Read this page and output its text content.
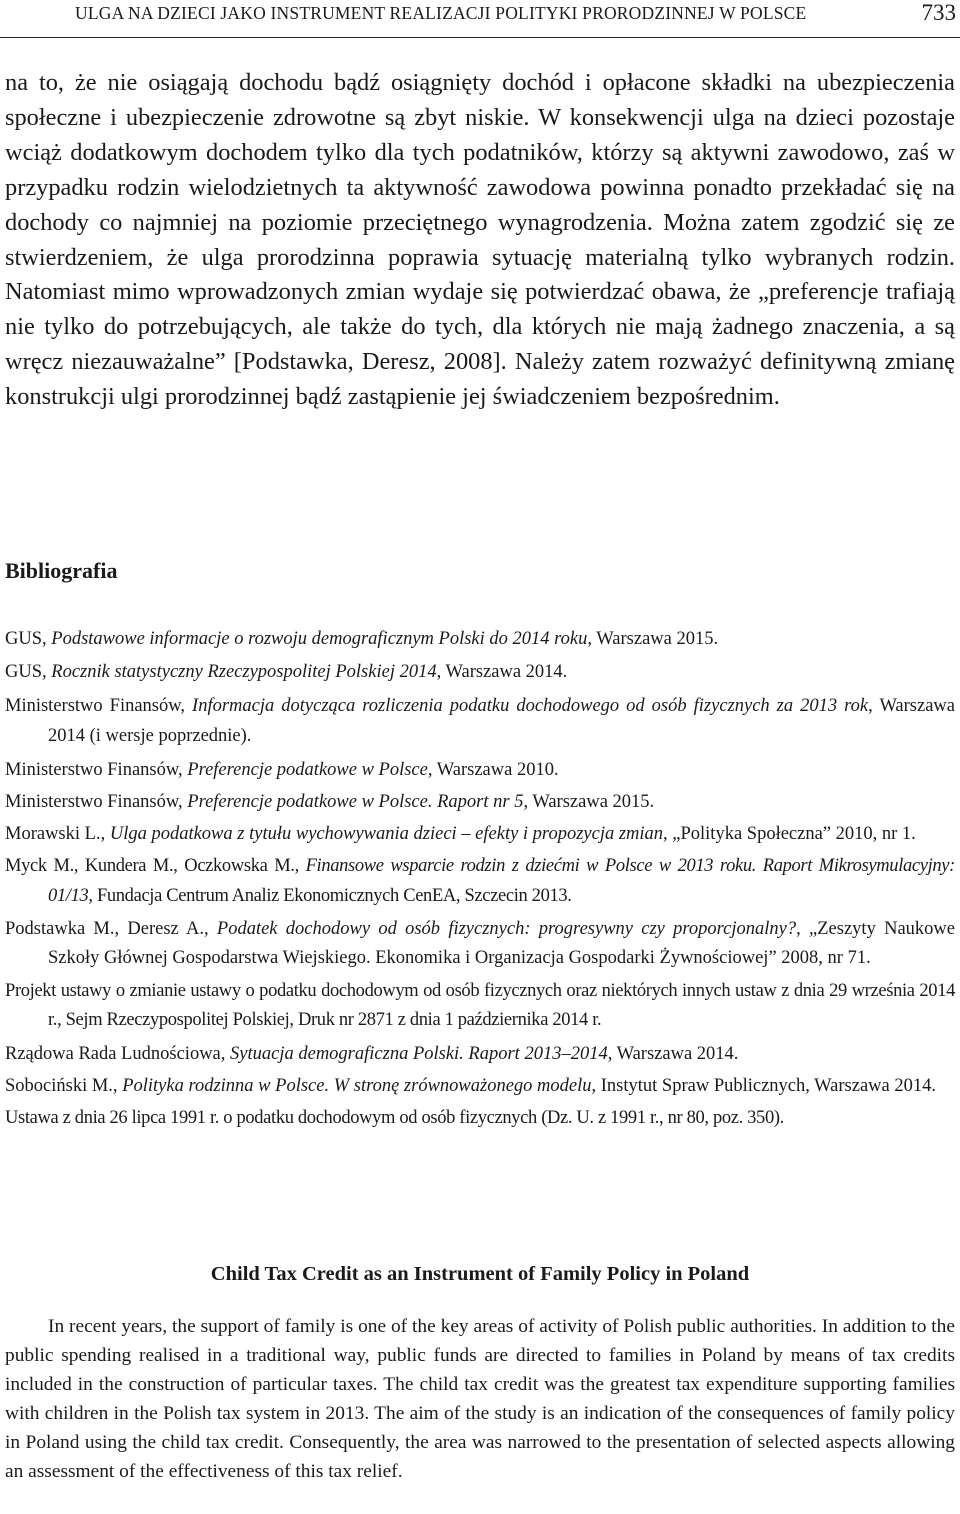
ULGA NA DZIECI JAKO INSTRUMENT REALIZACJI POLITYKI PRORODZINNEJ W POLSCE	733

na to, że nie osiągają dochodu bądź osiągnięty dochód i opłacone składki na ubezpieczenia społeczne i ubezpieczenie zdrowotne są zbyt niskie. W konsekwencji ulga na dzieci pozostaje wciąż dodatkowym dochodem tylko dla tych podatników, którzy są aktywni zawodowo, zaś w przypadku rodzin wielodzietnych ta aktywność zawodowa powinna ponadto przekładać się na dochody co najmniej na poziomie przeciętnego wynagrodzenia. Można zatem zgodzić się ze stwierdzeniem, że ulga prorodzinna poprawia sytuację materialną tylko wybranych rodzin. Natomiast mimo wprowadzonych zmian wydaje się potwierdzać obawa, że „preferencje trafiają nie tylko do potrzebujących, ale także do tych, dla których nie mają żadnego znaczenia, a są wręcz niezauważalne” [Podstawka, Deresz, 2008]. Należy zatem rozważyć definitywną zmianę konstrukcji ulgi prorodzinnej bądź zastąpienie jej świadczeniem bezpośrednim.

Bibliografia
GUS, Podstawowe informacje o rozwoju demograficznym Polski do 2014 roku, Warszawa 2015.
GUS, Rocznik statystyczny Rzeczypospolitej Polskiej 2014, Warszawa 2014.
Ministerstwo Finansów, Informacja dotycząca rozliczenia podatku dochodowego od osób fizycznych za 2013 rok, Warszawa 2014 (i wersje poprzednie).
Ministerstwo Finansów, Preferencje podatkowe w Polsce, Warszawa 2010.
Ministerstwo Finansów, Preferencje podatkowe w Polsce. Raport nr 5, Warszawa 2015.
Morawski L., Ulga podatkowa z tytułu wychowywania dzieci – efekty i propozycja zmian, „Polityka Społeczna” 2010, nr 1.
Myck M., Kundera M., Oczkowska M., Finansowe wsparcie rodzin z dziećmi w Polsce w 2013 roku. Raport Mikrosymulacyjny: 01/13, Fundacja Centrum Analiz Ekonomicznych CenEA, Szczecin 2013.
Podstawka M., Deresz A., Podatek dochodowy od osób fizycznych: progresywny czy proporcjonalny?, „Zeszyty Naukowe Szkoły Głównej Gospodarstwa Wiejskiego. Ekonomika i Organizacja Gospodarki Żywnościowej” 2008, nr 71.
Projekt ustawy o zmianie ustawy o podatku dochodowym od osób fizycznych oraz niektórych innych ustaw z dnia 29 września 2014 r., Sejm Rzeczypospolitej Polskiej, Druk nr 2871 z dnia 1 października 2014 r.
Rządowa Rada Ludnościowa, Sytuacja demograficzna Polski. Raport 2013–2014, Warszawa 2014.
Sobociński M., Polityka rodzinna w Polsce. W stronę zrównoważonego modelu, Instytut Spraw Publicznych, Warszawa 2014.
Ustawa z dnia 26 lipca 1991 r. o podatku dochodowym od osób fizycznych (Dz. U. z 1991 r., nr 80, poz. 350).
Child Tax Credit as an Instrument of Family Policy in Poland

In recent years, the support of family is one of the key areas of activity of Polish public authorities. In addition to the public spending realised in a traditional way, public funds are directed to families in Poland by means of tax credits included in the construction of particular taxes. The child tax credit was the greatest tax expenditure supporting families with children in the Polish tax system in 2013. The aim of the study is an indication of the consequences of family policy in Poland using the child tax credit. Consequently, the area was narrowed to the presentation of selected aspects allowing an assessment of the effectiveness of this tax relief.
